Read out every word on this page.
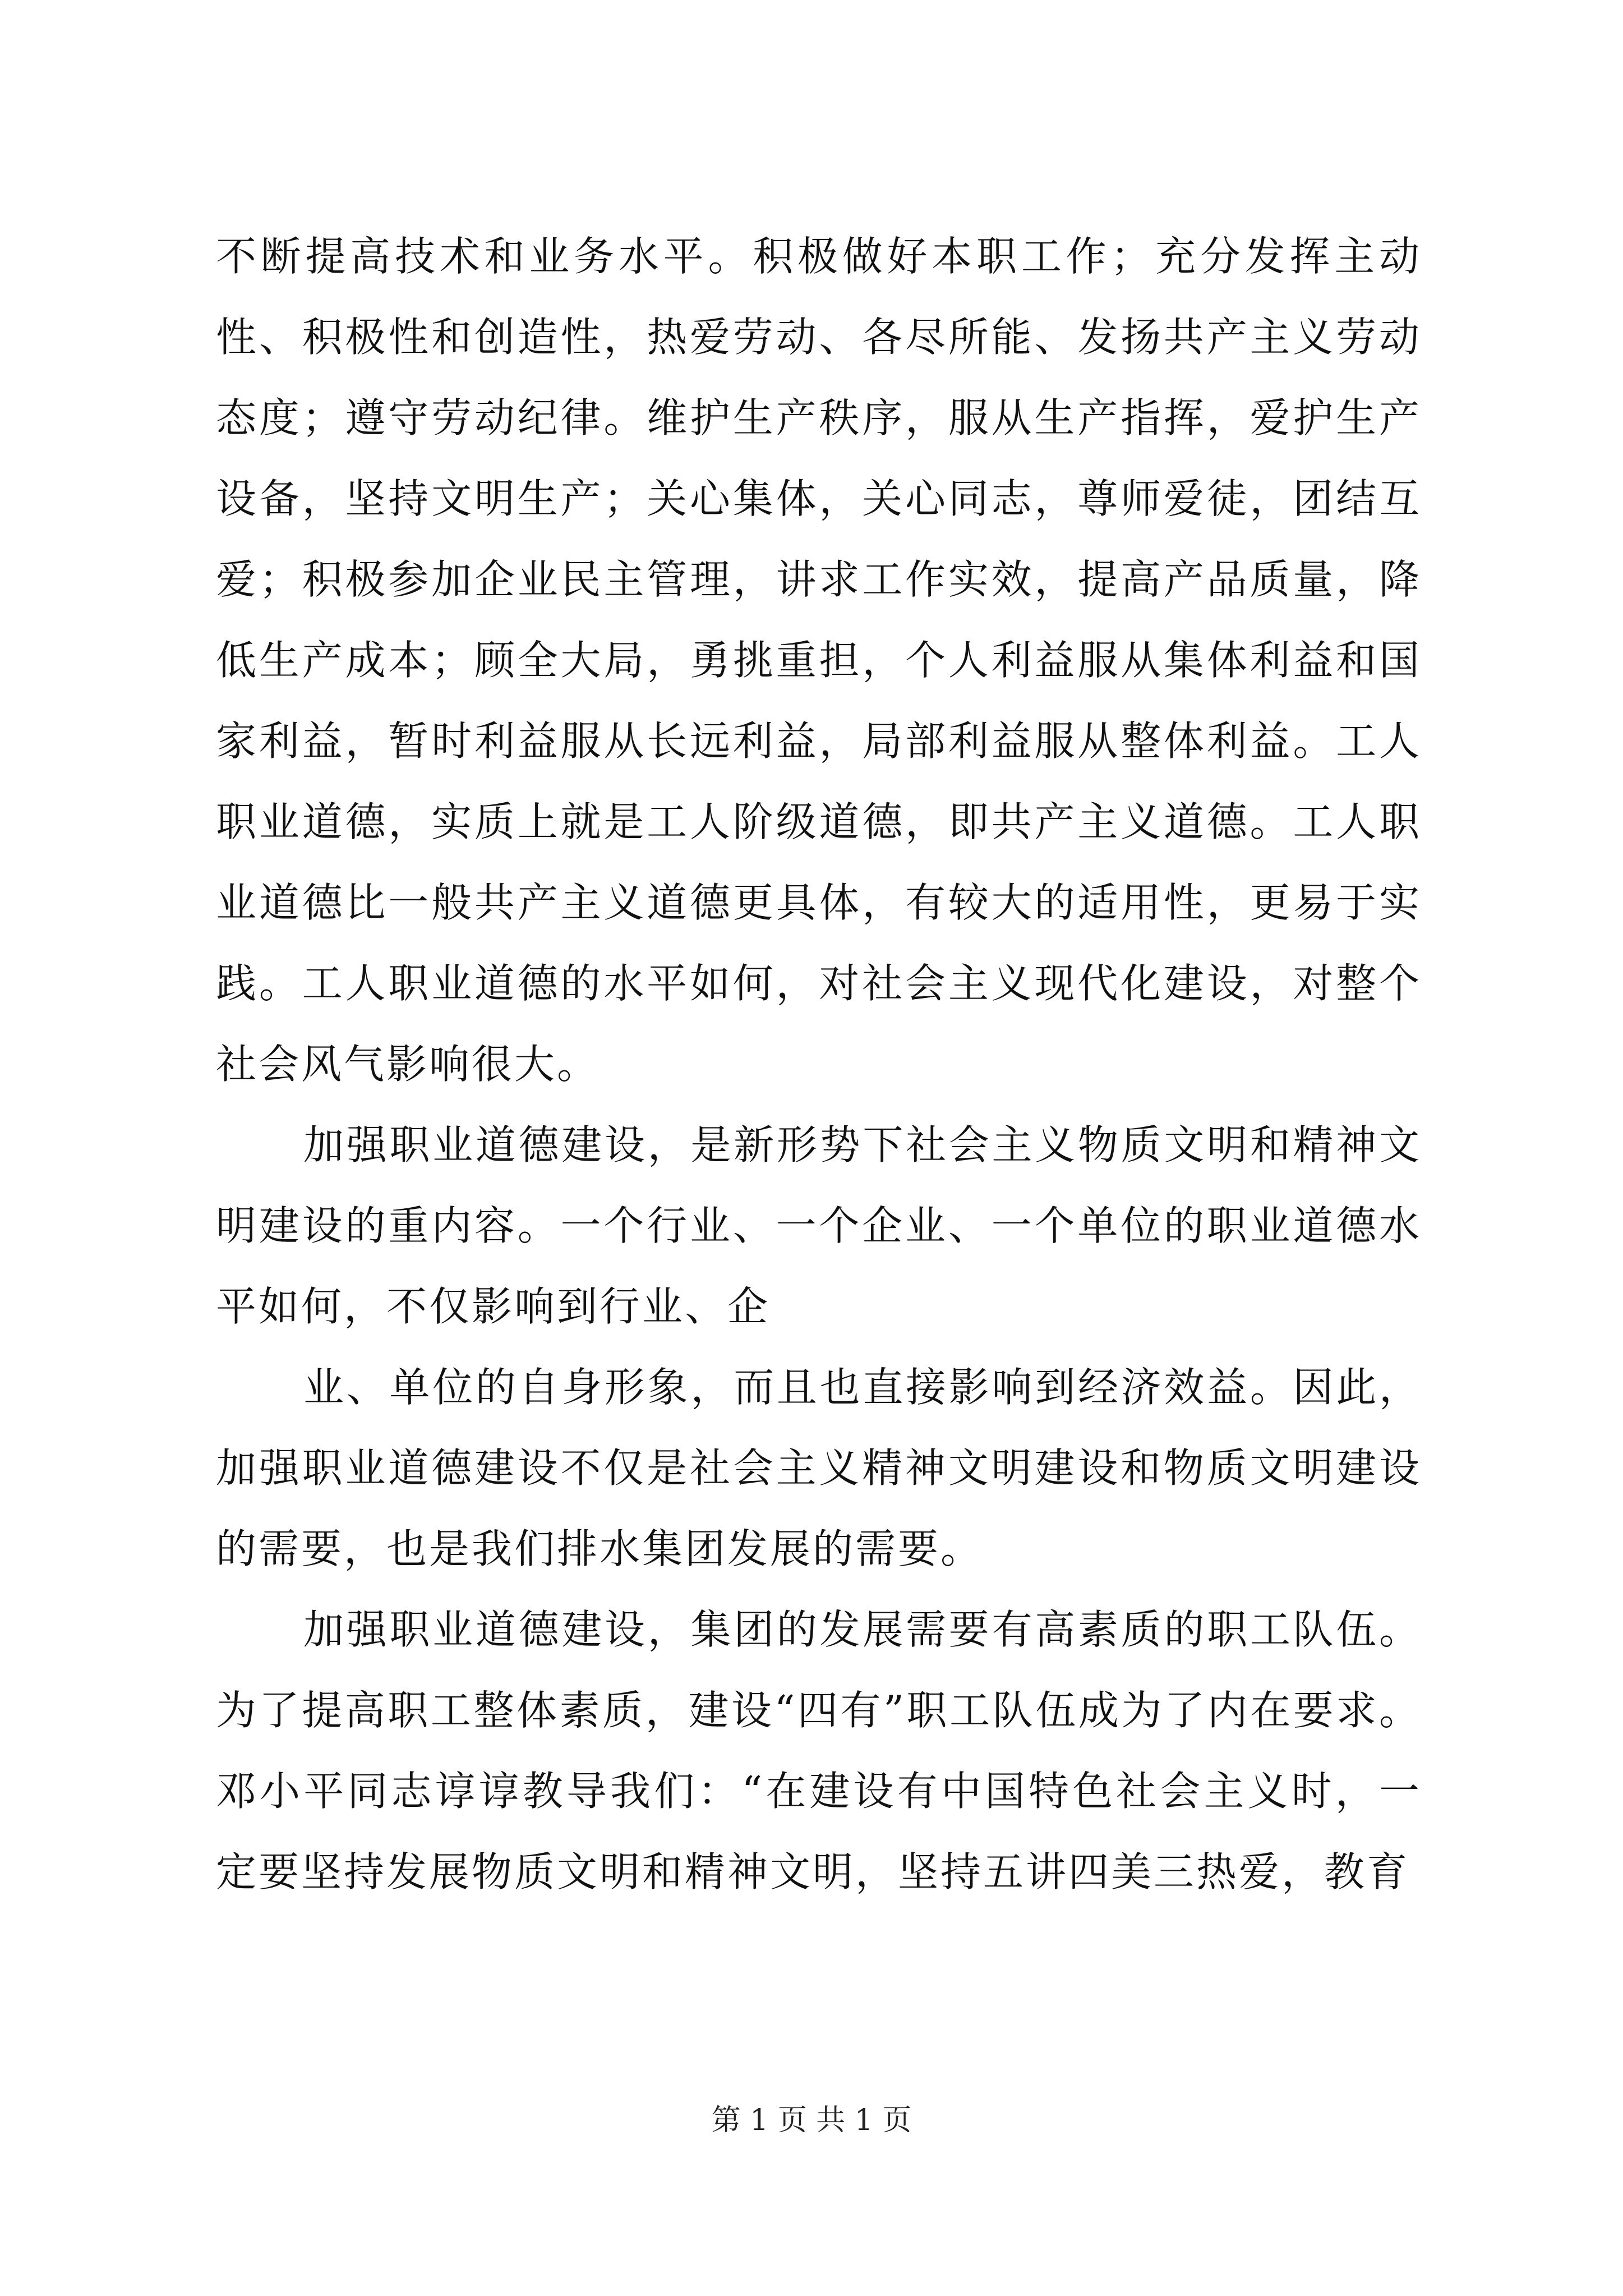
不断提高技术和业务水平。积极做好本职工作；充分发挥主动性、积极性和创造性，热爱劳动、各尽所能、发扬共产主义劳动态度；遵守劳动纪律。维护生产秩序，服从生产指挥，爱护生产设备，坚持文明生产；关心集体，关心同志，尊师爱徒，团结互爱；积极参加企业民主管理，讲求工作实效，提高产品质量，降低生产成本；顾全大局，勇挑重担，个人利益服从集体利益和国家利益，暂时利益服从长远利益，局部利益服从整体利益。工人职业道德，实质上就是工人阶级道德，即共产主义道德。工人职业道德比一般共产主义道德更具体，有较大的适用性，更易于实践。工人职业道德的水平如何，对社会主义现代化建设，对整个社会风气影响很大。

加强职业道德建设，是新形势下社会主义物质文明和精神文明建设的重内容。一个行业、一个企业、一个单位的职业道德水平如何，不仅影响到行业、企

业、单位的自身形象，而且也直接影响到经济效益。因此，加强职业道德建设不仅是社会主义精神文明建设和物质文明建设的需要，也是我们排水集团发展的需要。

加强职业道德建设，集团的发展需要有高素质的职工队伍。为了提高职工整体素质，建设“四有”职工队伍成为了内在要求。邓小平同志谆谆教导我们：“在建设有中国特色社会主义时，一定要坚持发展物质文明和精神文明，坚持五讲四美三热爱，教育

第 1 页 共 1 页
